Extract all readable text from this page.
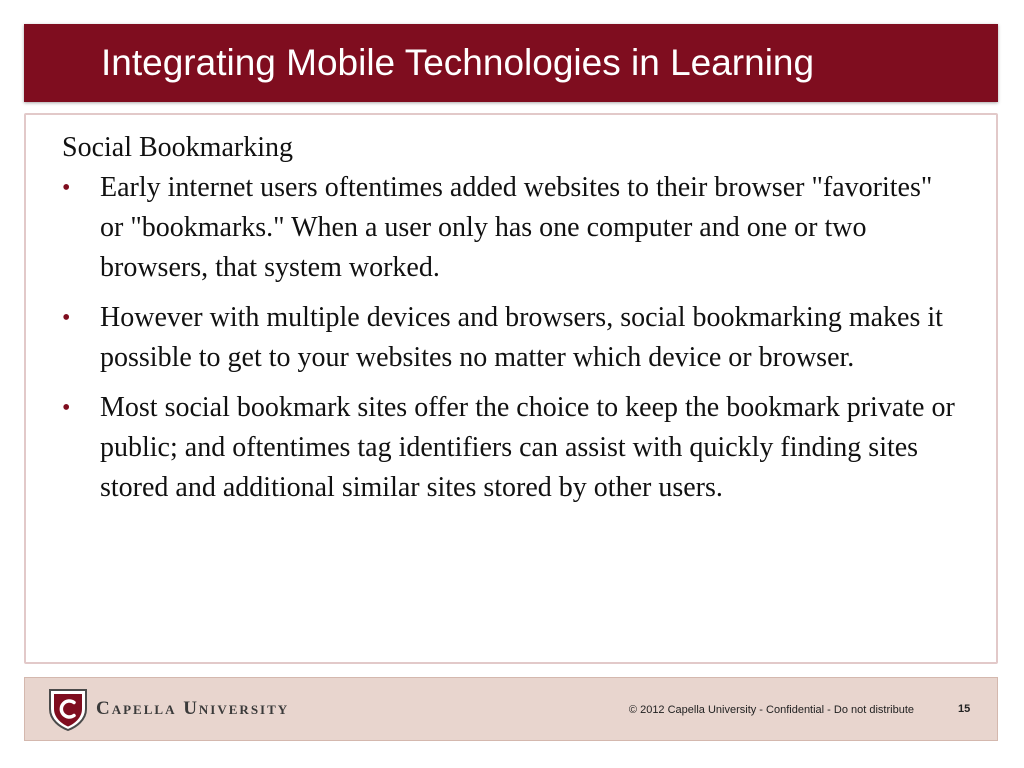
Integrating Mobile Technologies in Learning

Social Bookmarking

•	Early internet users oftentimes added websites to their browser "favorites" or "bookmarks." When a user only has one computer and one or two browsers, that system worked.
•	However with multiple devices and browsers, social bookmarking makes it possible to get to your websites no matter which device or browser.
•	Most social bookmark sites offer the choice to keep the bookmark private or public; and oftentimes tag identifiers can assist with quickly finding sites stored and additional similar sites stored by other users.
Capella University	© 2012 Capella University - Confidential - Do not distribute	15
